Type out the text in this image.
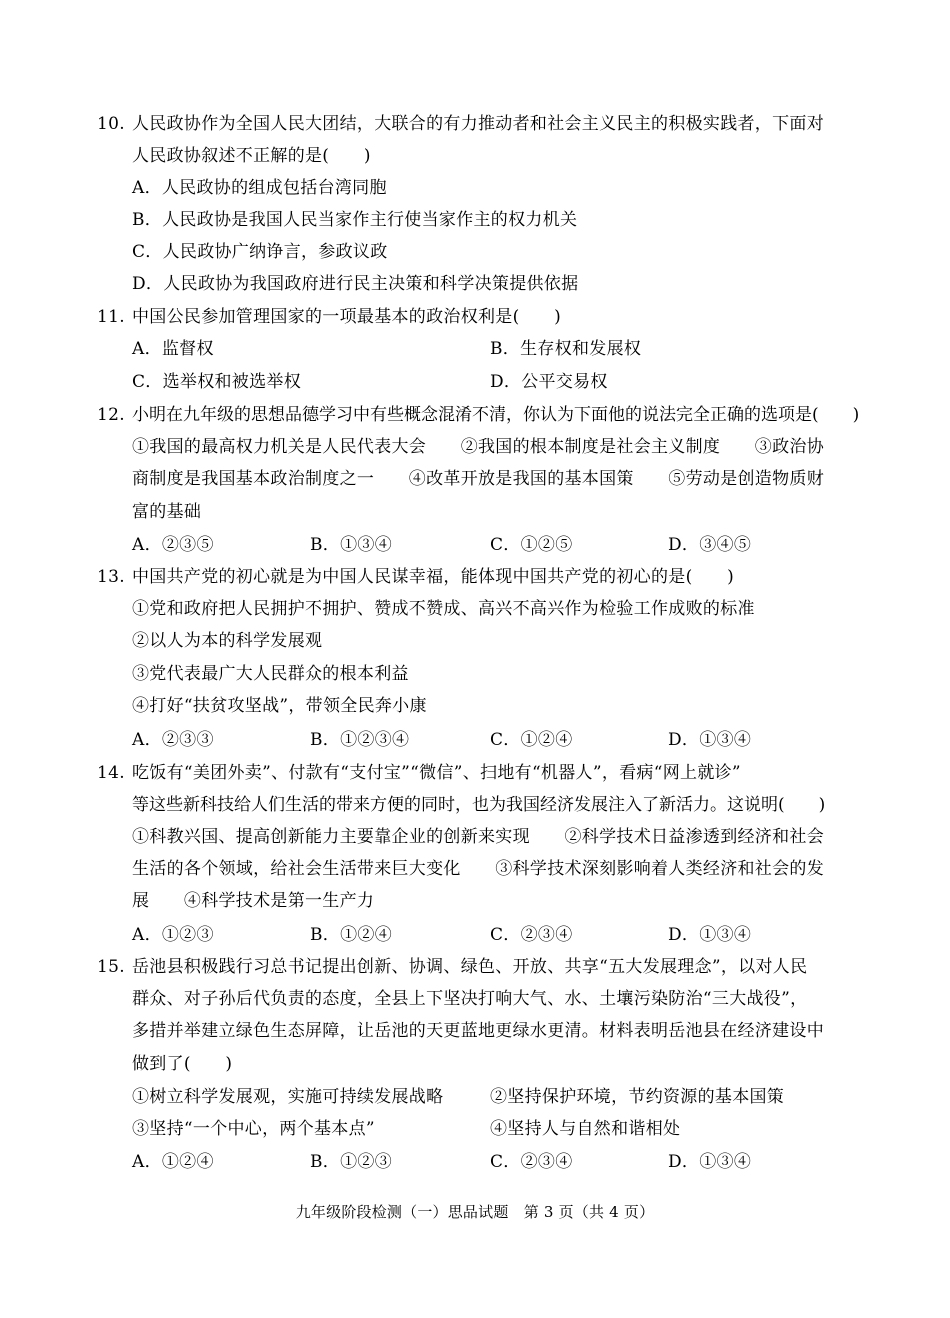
10. 人民政协作为全国人民大团结，大联合的有力推动者和社会主义民主的积极实践者，下面对
人民政协叙述不正解的是(　　)
A．人民政协的组成包括台湾同胞
B．人民政协是我国人民当家作主行使当家作主的权力机关
C．人民政协广纳诤言，参政议政
D．人民政协为我国政府进行民主决策和科学决策提供依据
11. 中国公民参加管理国家的一项最基本的政治权利是(　　)
A．监督权	B．生存权和发展权
C．选举权和被选举权	D．公平交易权
12. 小明在九年级的思想品德学习中有些概念混淆不清，你认为下面他的说法完全正确的选项是(　　)
①我国的最高权力机关是人民代表大会　　②我国的根本制度是社会主义制度　　③政治协
商制度是我国基本政治制度之一　　④改革开放是我国的基本国策　　⑤劳动是创造物质财
富的基础
A．②③⑤	B．①③④	C．①②⑤	D．③④⑤
13. 中国共产党的初心就是为中国人民谋幸福，能体现中国共产党的初心的是(　　)
①党和政府把人民拥护不拥护、赞成不赞成、高兴不高兴作为检验工作成败的标准
②以人为本的科学发展观
③党代表最广大人民群众的根本利益
④打好“扶贫攻坚战”，带领全民奔小康
A．②③③	B．①②③④	C．①②④	D．①③④
14. 吃饭有“美团外卖”、付款有“支付宝”“微信”、扫地有“机器人”，看病“网上就诊”
等这些新科技给人们生活的带来方便的同时，也为我国经济发展注入了新活力。这说明(　　)
①科教兴国、提高创新能力主要靠企业的创新来实现　　②科学技术日益渗透到经济和社会
生活的各个领域，给社会生活带来巨大变化　　③科学技术深刻影响着人类经济和社会的发
展　　④科学技术是第一生产力
A．①②③	B．①②④	C．②③④	D．①③④
15. 岳池县积极践行习总书记提出创新、协调、绿色、开放、共享“五大发展理念”，以对人民
群众、对子孙后代负责的态度，全县上下坚决打响大气、水、土壤污染防治“三大战役”，
多措并举建立绿色生态屏障，让岳池的天更蓝地更绿水更清。材料表明岳池县在经济建设中
做到了(　　)
①树立科学发展观，实施可持续发展战略	②坚持保护环境，节约资源的基本国策
③坚持“一个中心，两个基本点”	④坚持人与自然和谐相处
A．①②④	B．①②③	C．②③④	D．①③④
九年级阶段检测（一）思品试题　第 3 页（共 4 页）
